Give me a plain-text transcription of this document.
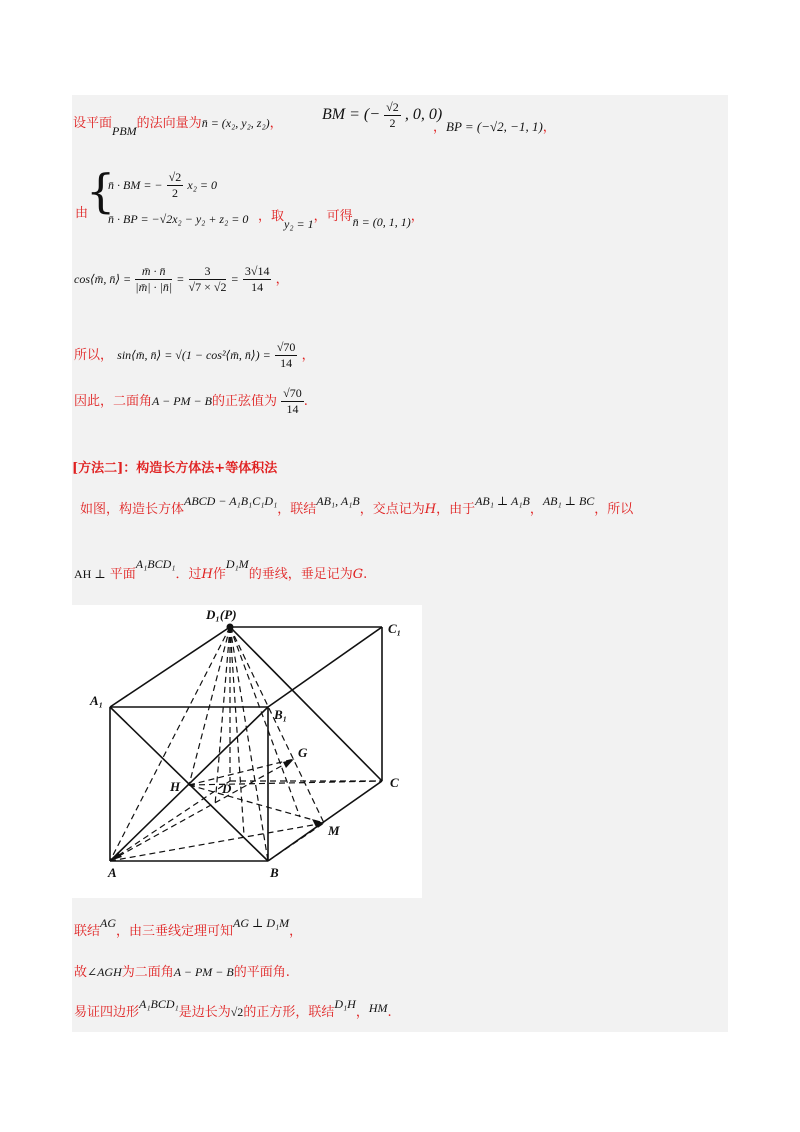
设平面PBM的法向量为n̄ = (x₂, y₂, z₂)，
BM = (− $\frac{√2}{2}$ , 0, 0)
，BP = (−√2, −1, 1)，
{
由
n̄ · BM = − $\frac{√2}{2} x_2 = 0$
n̄ · BP = −√2x₂ − y₂ + z₂ = 0 ，取y₂ = 1，可得n̄ = (0, 1, 1)，
cos⟨m̄, n̄⟩ = $\frac{m̄ \cdot n̄}{|m̄| \cdot |n̄|} = \frac{3}{√7 \times √2} = \frac{3√14}{14}$ ，
所以， sin⟨m̄, n̄⟩ = √(1 − cos²⟨m̄, n̄⟩) = $\frac{√70}{14}$ ，
因此，二面角A − PM − B的正弦值为 $\frac{√70}{14}$ .
[方法二]：构造长方体法+等体积法
如图，构造长方体ABCD − A₁B₁C₁D₁，联结AB₁, A₁B，交点记为H，由于AB₁ ⊥ A₁B，AB₁ ⊥ BC，所以
AH ⊥ 平面A₁BCD₁．过H作D₁M的垂线，垂足记为G.
D₁(P)
C₁
A₁
B₁
G
H	D	C
M
A	B
联结AG，由三垂线定理可知AG ⊥ D₁M，
故∠AGH为二面角A − PM − B的平面角.
易证四边形A₁BCD₁是边长为√2的正方形，联结D₁H，HM.
